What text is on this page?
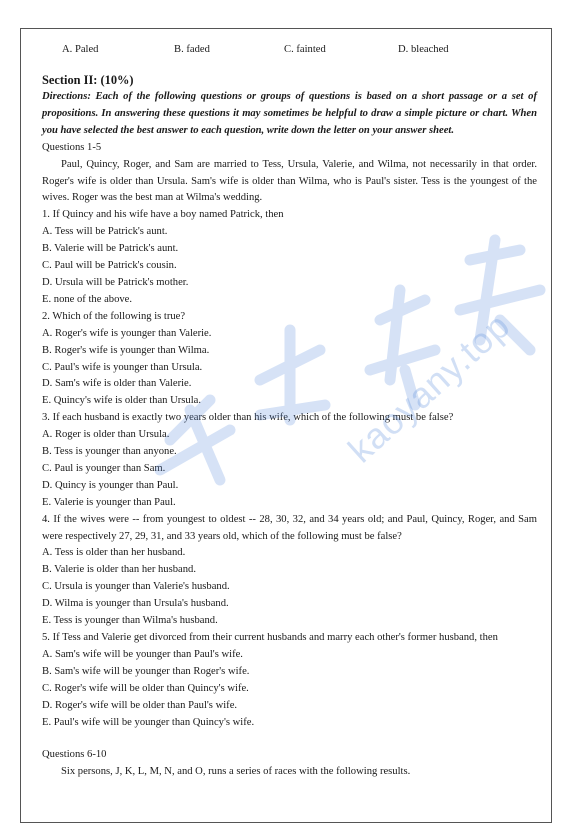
A. Paled	B. faded	C. fainted	D. bleached
Section II: (10%)
Directions: Each of the following questions or groups of questions is based on a short passage or a set of propositions. In answering these questions it may sometimes be helpful to draw a simple picture or chart. When you have selected the best answer to each question, write down the letter on your answer sheet.
Questions 1-5
Paul, Quincy, Roger, and Sam are married to Tess, Ursula, Valerie, and Wilma, not necessarily in that order. Roger's wife is older than Ursula. Sam's wife is older than Wilma, who is Paul's sister. Tess is the youngest of the wives. Roger was the best man at Wilma's wedding.
1. If Quincy and his wife have a boy named Patrick, then
A. Tess will be Patrick's aunt.
B. Valerie will be Patrick's aunt.
C. Paul will be Patrick's cousin.
D. Ursula will be Patrick's mother.
E. none of the above.
2. Which of the following is true?
A. Roger's wife is younger than Valerie.
B. Roger's wife is younger than Wilma.
C. Paul's wife is younger than Ursula.
D. Sam's wife is older than Valerie.
E. Quincy's wife is older than Ursula.
3. If each husband is exactly two years older than his wife, which of the following must be false?
A. Roger is older than Ursula.
B. Tess is younger than anyone.
C. Paul is younger than Sam.
D. Quincy is younger than Paul.
E. Valerie is younger than Paul.
4. If the wives were -- from youngest to oldest -- 28, 30, 32, and 34 years old; and Paul, Quincy, Roger, and Sam were respectively 27, 29, 31, and 33 years old, which of the following must be false?
A. Tess is older than her husband.
B. Valerie is older than her husband.
C. Ursula is younger than Valerie's husband.
D. Wilma is younger than Ursula's husband.
E. Tess is younger than Wilma's husband.
5. If Tess and Valerie get divorced from their current husbands and marry each other's former husband, then
A. Sam's wife will be younger than Paul's wife.
B. Sam's wife will be younger than Roger's wife.
C. Roger's wife will be older than Quincy's wife.
D. Roger's wife will be older than Paul's wife.
E. Paul's wife will be younger than Quincy's wife.
Questions 6-10
Six persons, J, K, L, M, N, and O, runs a series of races with the following results.
kaoyany.top
